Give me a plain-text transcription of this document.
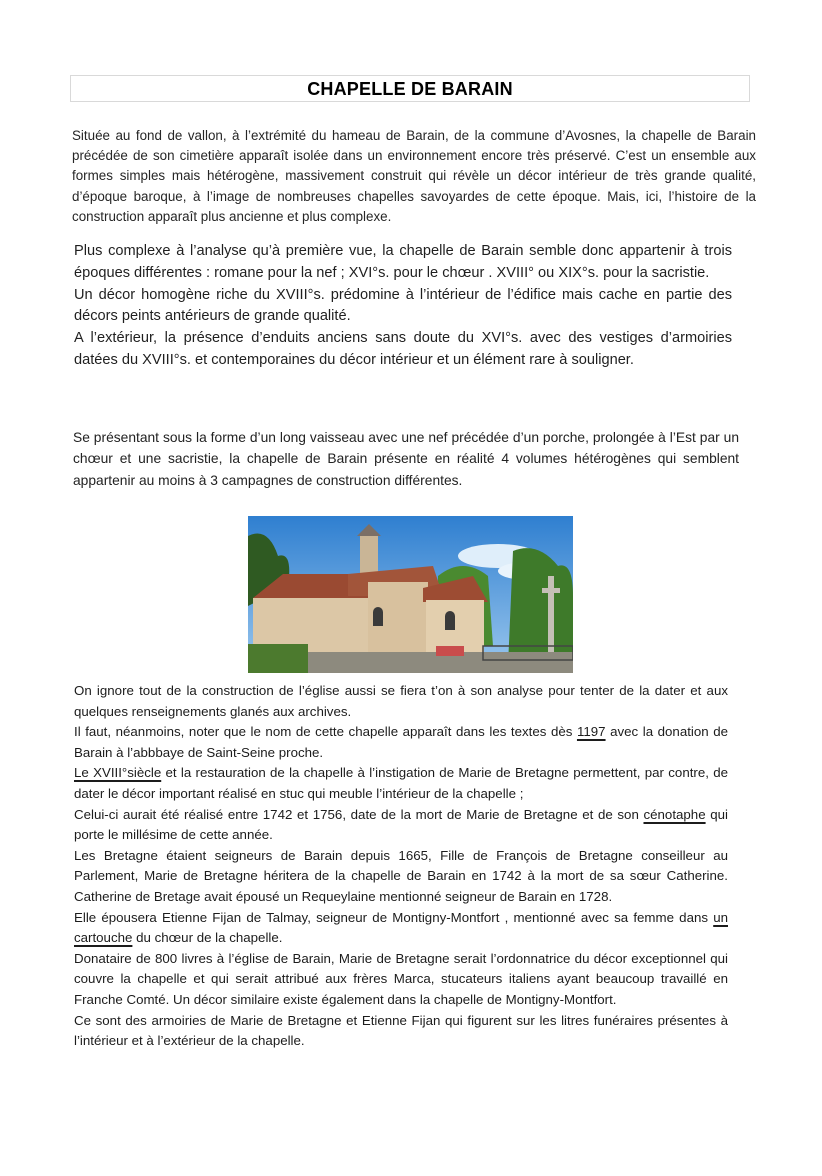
CHAPELLE DE BARAIN

Située au fond de vallon, à l’extrémité du hameau de Barain, de la commune d’Avosnes, la chapelle de Barain précédée de son cimetière apparaît isolée dans un environnement encore très préservé. C’est un ensemble aux formes simples mais hétérogène, massivement construit qui révèle un décor intérieur de très grande qualité, d’époque baroque, à l’image de nombreuses chapelles savoyardes de cette époque. Mais, ici, l’histoire de la construction apparaît plus ancienne et plus complexe.

Plus complexe à l’analyse qu’à première vue, la chapelle de Barain semble donc appartenir à trois époques différentes : romane pour la nef ; XVI°s. pour le chœur . XVIII° ou XIX°s. pour la sacristie.

Un décor homogène riche du XVIII°s. prédomine à l’intérieur de l’édifice mais cache en partie des décors peints antérieurs de grande qualité.

A l’extérieur, la présence d’enduits anciens sans doute du XVI°s. avec des vestiges d’armoiries datées du XVIII°s. et contemporaines du décor intérieur et un élément rare à souligner.

Se présentant sous la forme d’un long vaisseau avec une nef précédée d’un porche, prolongée à l’Est par un chœur et une sacristie, la chapelle de Barain présente en réalité 4 volumes hétérogènes qui semblent appartenir au moins à 3 campagnes de construction différentes.

On ignore tout de la construction de l’église aussi se fiera t’on à son analyse pour tenter de la dater et aux quelques renseignements glanés aux archives.

Il faut, néanmoins, noter que le nom de cette chapelle apparaît dans les textes dès 1197 avec la donation de Barain à l’abbbaye de Saint-Seine proche.

Le XVIII°siècle et la restauration de la chapelle à l’instigation de Marie de Bretagne permettent, par contre, de dater le décor important réalisé en stuc qui meuble l’intérieur de la chapelle ;

Celui-ci aurait été réalisé entre 1742 et 1756, date de la mort de Marie de Bretagne et de son cénotaphe qui porte le millésime de cette année.

Les Bretagne étaient seigneurs de Barain depuis 1665, Fille de François de Bretagne conseilleur au Parlement, Marie de Bretagne héritera de la chapelle de Barain en 1742 à la mort de sa sœur Catherine. Catherine de Bretage avait épousé un Requeylaine mentionné seigneur de Barain en 1728.

Elle épousera Etienne Fijan de Talmay, seigneur de Montigny-Montfort , mentionné avec sa femme dans un cartouche du chœur de la chapelle.

Donataire de 800 livres à l’église de Barain, Marie de Bretagne serait l’ordonnatrice du décor exceptionnel qui couvre la chapelle et qui serait attribué aux frères Marca, stucateurs italiens ayant beaucoup travaillé en Franche Comté. Un décor similaire existe également dans la chapelle de Montigny-Montfort.

Ce sont des armoiries de Marie de Bretagne et Etienne Fijan qui figurent sur les litres funéraires présentes à l’intérieur et à l’extérieur de la chapelle.
